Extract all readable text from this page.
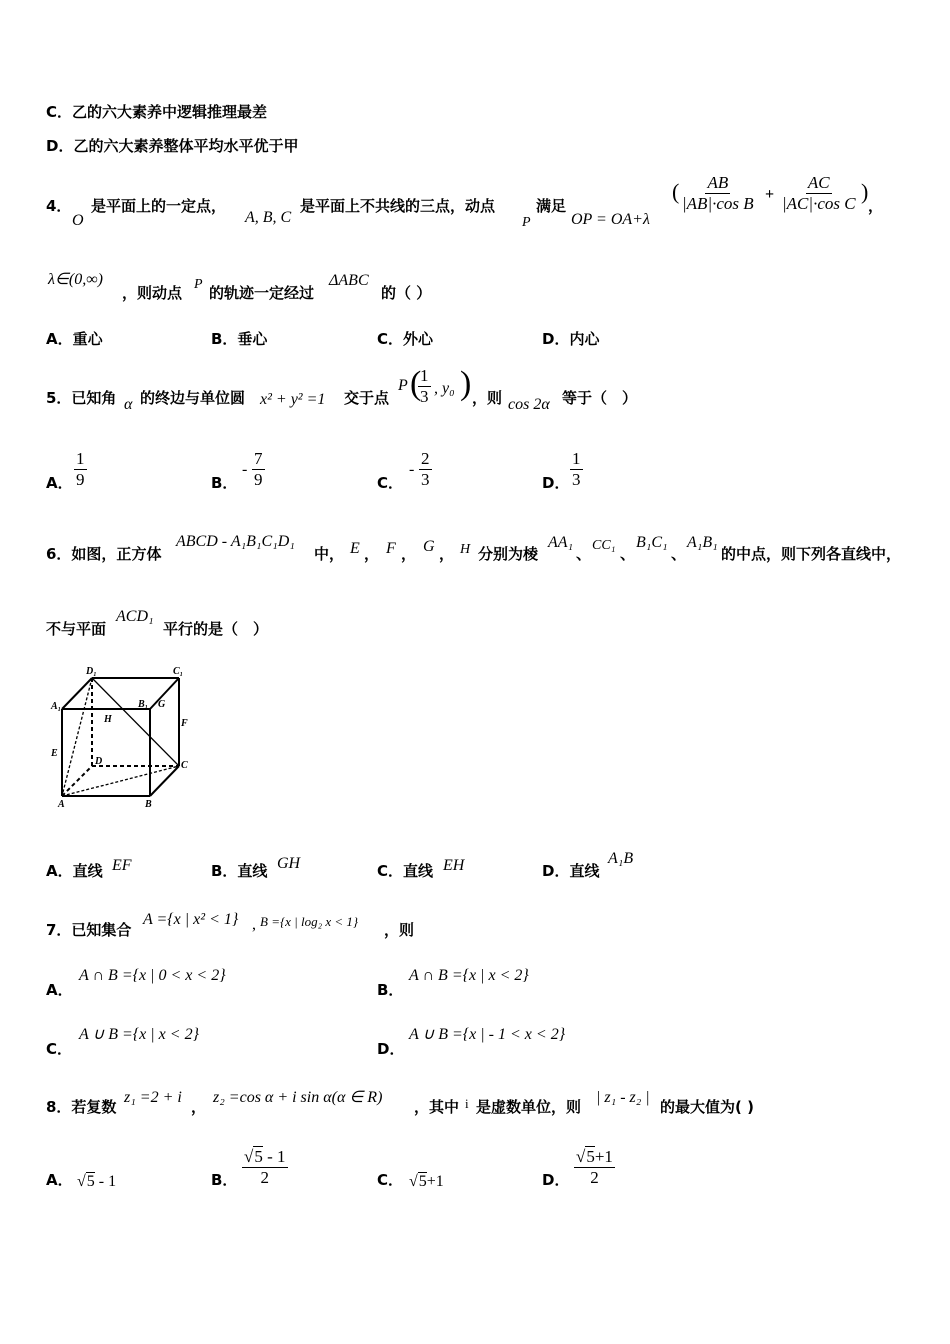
C．乙的六大素养中逻辑推理最差
D．乙的六大素养整体平均水平优于甲
4．
O
是平面上的一定点，
A, B, C
是平面上不共线的三点，动点
P
满足
OP = OA+λ
( $\frac{AB}{\text{|AB|·cos B}} + \frac{AC}{\text{|AC|·cos C}}$ )
，
λ∈(0,∞)
，则动点 P 的轨迹一定经过
ΔABC
的（ ）
A．重心	B．垂心	C．外心	D．内心
5．已知角 α 的终边与单位圆 x² + y² =1 交于点
P (
$\frac{1}{3}$ , y₀ ) ，则 cos 2α 等于（　）
A． $\frac{1}{9}$	B．
- $\frac{7}{9}$	C．
- $\frac{2}{3}$	D． $\frac{1}{3}$
6．如图，正方体
ABCD - A₁B₁C₁D₁
中， E ， F ， G ， H 分别为棱
AA₁
、 CC₁ 、
B₁C₁
、
A₁B₁
的中点，则下列各直线中，
不与平面
ACD₁
平行的是（　）
D₁	C₁
A₁	B₁ G
H	F
E
D	C
A	B
A．直线 EF	B．直线 GH	C．直线 EH	D．直线
A₁B
7．已知集合
A ={x | x² < 1} , B ={x | log₂ x < 1} ，则
A．
A ∩ B ={x | 0 < x < 2}
B．
A ∩ B ={x | x < 2}
C．
A ∪ B ={x | x < 2}
D．
A ∪ B ={x | - 1 < x < 2}
8．若复数
z₁ =2 + i
，
z₂ =cos α + i sin α(α ∈ R)
，其中 i 是虚数单位，则
| z₁ - z₂ |
的最大值为( )
A． √5 - 1	B． $\frac{√5 - 1}{2}$	C． √5+1	D． $\frac{√5+1}{2}$
